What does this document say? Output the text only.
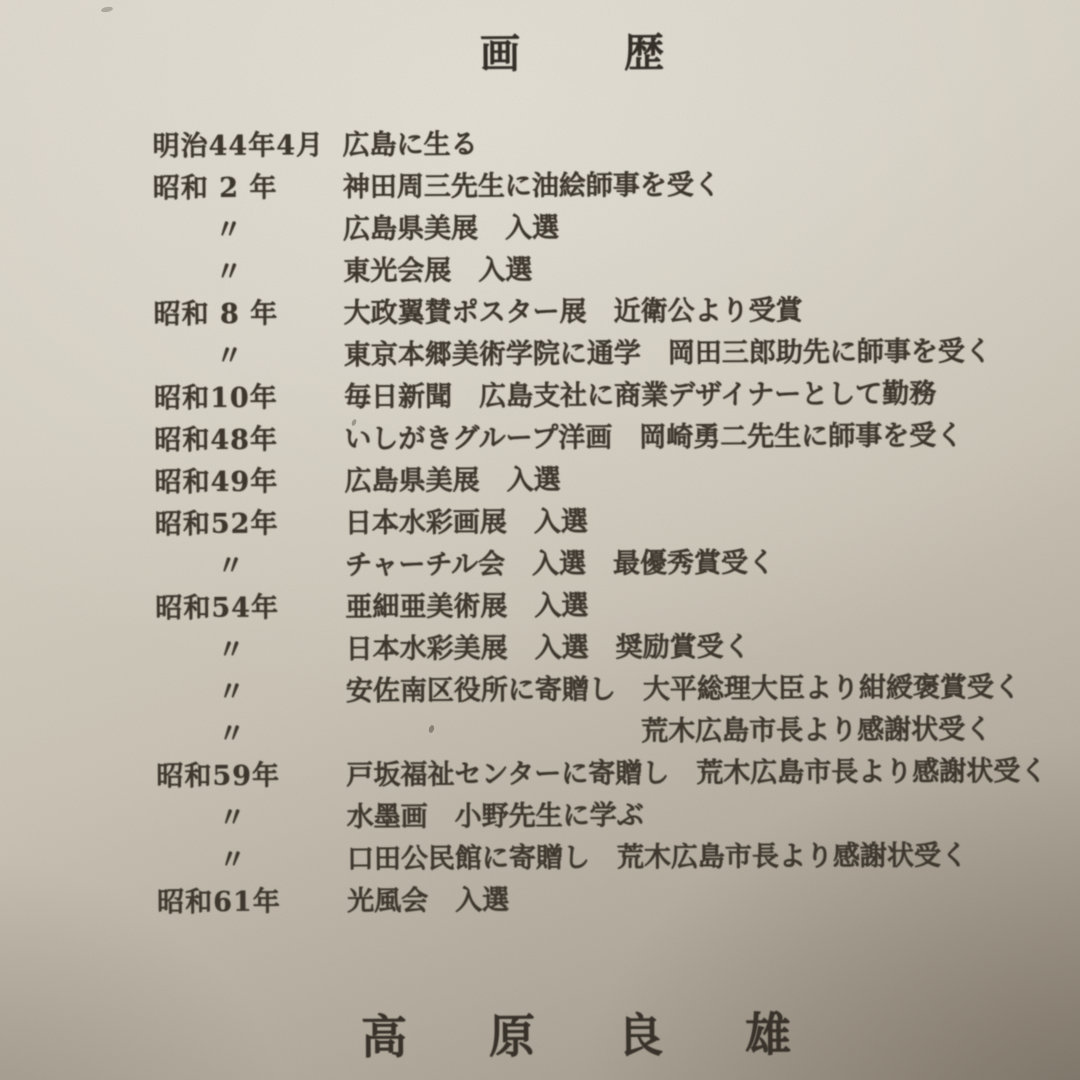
画歴
明治44年4月 広島に生る
昭和 2 年	神田周三先生に油絵師事を受く
〃	広島県美展　入選
〃	東光会展　入選
昭和 8 年	大政翼賛ポスター展　近衛公より受賞
〃	東京本郷美術学院に通学　岡田三郎助先に師事を受く
昭和10年	毎日新聞　広島支社に商業デザイナーとして勤務
昭和48年	いしがきグループ洋画　岡崎勇二先生に師事を受く
昭和49年	広島県美展　入選
昭和52年	日本水彩画展　入選
〃	チャーチル会　入選　最優秀賞受く
昭和54年	亜細亜美術展　入選
〃	日本水彩美展　入選　奨励賞受く
〃	安佐南区役所に寄贈し　大平総理大臣より紺綬褒賞受く
〃	荒木広島市長より感謝状受く
昭和59年	戸坂福祉センターに寄贈し　荒木広島市長より感謝状受く
〃	水墨画　小野先生に学ぶ
〃	口田公民館に寄贈し　荒木広島市長より感謝状受く
昭和61年	光風会　入選
高原良雄
